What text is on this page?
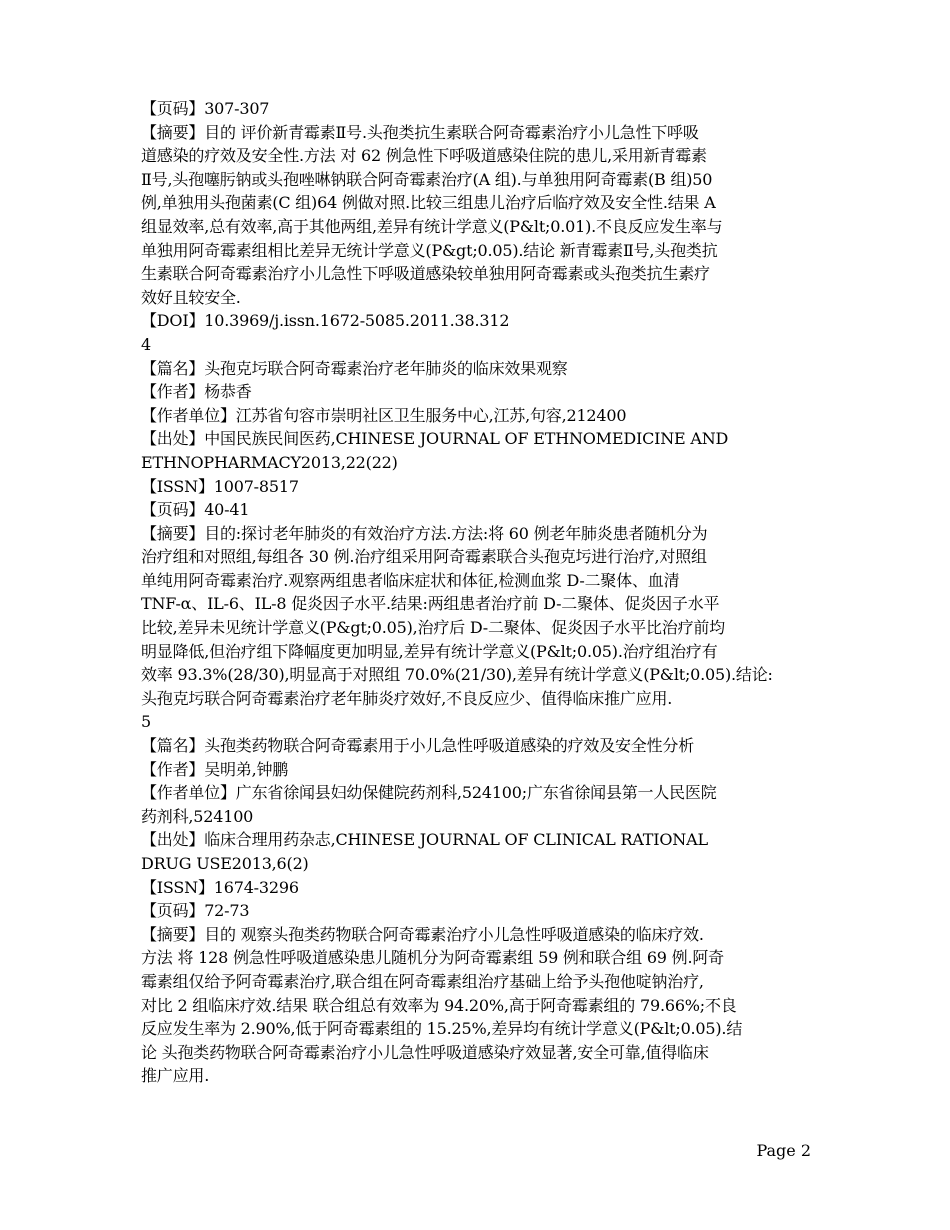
【页码】307-307
【摘要】目的 评价新青霉素Ⅱ号.头孢类抗生素联合阿奇霉素治疗小儿急性下呼吸
道感染的疗效及安全性.方法 对 62 例急性下呼吸道感染住院的患儿,采用新青霉素
Ⅱ号,头孢噻肟钠或头孢唑啉钠联合阿奇霉素治疗(A 组).与单独用阿奇霉素(B 组)50
例,单独用头孢菌素(C 组)64 例做对照.比较三组患儿治疗后临疗效及安全性.结果 A
组显效率,总有效率,高于其他两组,差异有统计学意义(P&lt;0.01).不良反应发生率与
单独用阿奇霉素组相比差异无统计学意义(P&gt;0.05).结论 新青霉素Ⅱ号,头孢类抗
生素联合阿奇霉素治疗小儿急性下呼吸道感染较单独用阿奇霉素或头孢类抗生素疗
效好且较安全.
【DOI】10.3969/j.issn.1672-5085.2011.38.312
4
【篇名】头孢克圬联合阿奇霉素治疗老年肺炎的临床效果观察
【作者】杨恭香
【作者单位】江苏省句容市崇明社区卫生服务中心,江苏,句容,212400
【出处】中国民族民间医药,CHINESE JOURNAL OF ETHNOMEDICINE AND
ETHNOPHARMACY2013,22(22)
【ISSN】1007-8517
【页码】40-41
【摘要】目的:探讨老年肺炎的有效治疗方法.方法:将 60 例老年肺炎患者随机分为
治疗组和对照组,每组各 30 例.治疗组采用阿奇霉素联合头孢克圬进行治疗,对照组
单纯用阿奇霉素治疗.观察两组患者临床症状和体征,检测血浆 D-二聚体、血清
TNF-α、IL-6、IL-8 促炎因子水平.结果:两组患者治疗前 D-二聚体、促炎因子水平
比较,差异未见统计学意义(P&gt;0.05),治疗后 D-二聚体、促炎因子水平比治疗前均
明显降低,但治疗组下降幅度更加明显,差异有统计学意义(P&lt;0.05).治疗组治疗有
效率 93.3%(28/30),明显高于对照组 70.0%(21/30),差异有统计学意义(P&lt;0.05).结论:
头孢克圬联合阿奇霉素治疗老年肺炎疗效好,不良反应少、值得临床推广应用.
5
【篇名】头孢类药物联合阿奇霉素用于小儿急性呼吸道感染的疗效及安全性分析
【作者】吴明弟,钟鹏
【作者单位】广东省徐闻县妇幼保健院药剂科,524100;广东省徐闻县第一人民医院
药剂科,524100
【出处】临床合理用药杂志,CHINESE JOURNAL OF CLINICAL RATIONAL
DRUG USE2013,6(2)
【ISSN】1674-3296
【页码】72-73
【摘要】目的 观察头孢类药物联合阿奇霉素治疗小儿急性呼吸道感染的临床疗效.
方法 将 128 例急性呼吸道感染患儿随机分为阿奇霉素组 59 例和联合组 69 例.阿奇
霉素组仅给予阿奇霉素治疗,联合组在阿奇霉素组治疗基础上给予头孢他啶钠治疗,
对比 2 组临床疗效.结果 联合组总有效率为 94.20%,高于阿奇霉素组的 79.66%;不良
反应发生率为 2.90%,低于阿奇霉素组的 15.25%,差异均有统计学意义(P&lt;0.05).结
论 头孢类药物联合阿奇霉素治疗小儿急性呼吸道感染疗效显著,安全可靠,值得临床
推广应用.
Page 2
